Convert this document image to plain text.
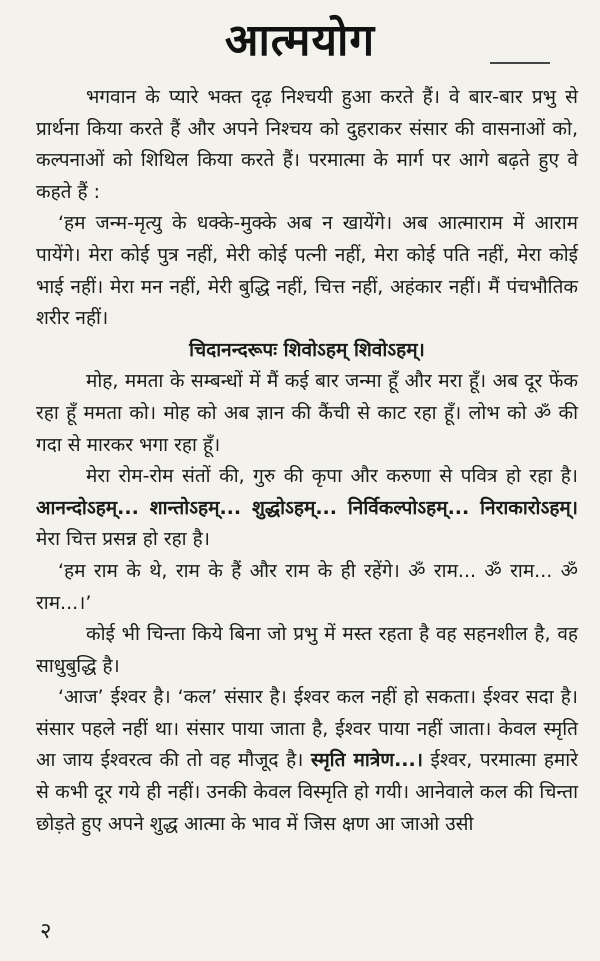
आत्मयोग

भगवान के प्यारे भक्त दृढ़ निश्चयी हुआ करते हैं। वे बार-बार प्रभु से प्रार्थना किया करते हैं और अपने निश्चय को दुहराकर संसार की वासनाओं को, कल्पनाओं को शिथिल किया करते हैं। परमात्मा के मार्ग पर आगे बढ़ते हुए वे कहते हैं :

‘हम जन्म-मृत्यु के धक्के-मुक्के अब न खायेंगे। अब आत्माराम में आराम पायेंगे। मेरा कोई पुत्र नहीं, मेरी कोई पत्नी नहीं, मेरा कोई पति नहीं, मेरा कोई भाई नहीं। मेरा मन नहीं, मेरी बुद्धि नहीं, चित्त नहीं, अहंकार नहीं। मैं पंचभौतिक शरीर नहीं।

चिदानन्दरूपः शिवोऽहम् शिवोऽहम्।

मोह, ममता के सम्बन्धों में मैं कई बार जन्मा हूँ और मरा हूँ। अब दूर फेंक रहा हूँ ममता को। मोह को अब ज्ञान की कैंची से काट रहा हूँ। लोभ को ॐ की गदा से मारकर भगा रहा हूँ।

मेरा रोम-रोम संतों की, गुरु की कृपा और करुणा से पवित्र हो रहा है। आनन्दोऽहम्... शान्तोऽहम्... शुद्धोऽहम्... निर्विकल्पोऽहम्... निराकारोऽहम्। मेरा चित्त प्रसन्न हो रहा है।

‘हम राम के थे, राम के हैं और राम के ही रहेंगे। ॐ राम... ॐ राम... ॐ राम...।’

कोई भी चिन्ता किये बिना जो प्रभु में मस्त रहता है वह सहनशील है, वह साधुबुद्धि है।

‘आज’ ईश्वर है। ‘कल’ संसार है। ईश्वर कल नहीं हो सकता। ईश्वर सदा है। संसार पहले नहीं था। संसार पाया जाता है, ईश्वर पाया नहीं जाता। केवल स्मृति आ जाय ईश्वरत्व की तो वह मौजूद है। स्मृति मात्रेण...। ईश्वर, परमात्मा हमारे से कभी दूर गये ही नहीं। उनकी केवल विस्मृति हो गयी। आनेवाले कल की चिन्ता छोड़ते हुए अपने शुद्ध आत्मा के भाव में जिस क्षण आ जाओ उसी

२
